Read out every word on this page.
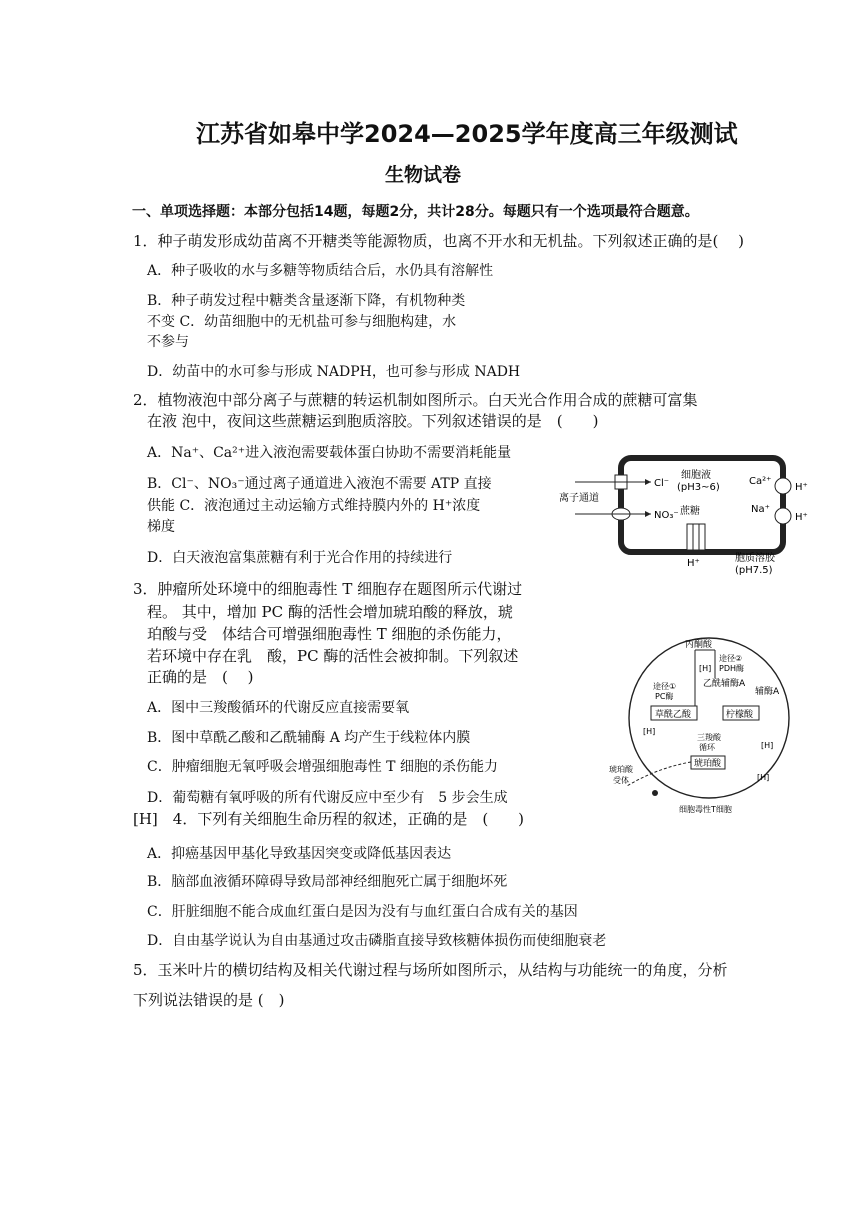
江苏省如皋中学2024—2025学年度高三年级测试
生物试卷
一、单项选择题：本部分包括14题，每题2分，共计28分。每题只有一个选项最符合题意。
1．种子萌发形成幼苗离不开糖类等能源物质，也离不开水和无机盐。下列叙述正确的是(　 )
A．种子吸收的水与多糖等物质结合后，水仍具有溶解性
B．种子萌发过程中糖类含量逐渐下降，有机物种类
不变 C．幼苗细胞中的无机盐可参与细胞构建，水
不参与
D．幼苗中的水可参与形成 NADPH，也可参与形成 NADH
2．植物液泡中部分离子与蔗糖的转运机制如图所示。白天光合作用合成的蔗糖可富集
在液 泡中，夜间这些蔗糖运到胞质溶胶。下列叙述错误的是　(　　)
A．Na⁺、Ca²⁺进入液泡需要载体蛋白协助不需要消耗能量
B．Cl⁻、NO₃⁻通过离子通道进入液泡不需要 ATP 直接
供能 C．液泡通过主动运输方式维持膜内外的 H⁺浓度
梯度
D．白天液泡富集蔗糖有利于光合作用的持续进行
细胞液
(pH3~6)
Cl⁻
离子通道
NO₃⁻ 蔗糖
H⁺
Ca²⁺
H⁺
Na⁺
H⁺
胞质溶胶
(pH7.5)
3．肿瘤所处环境中的细胞毒性 T 细胞存在题图所示代谢过
程。 其中，增加 PC 酶的活性会增加琥珀酸的释放，琥
珀酸与受　体结合可增强细胞毒性 T 细胞的杀伤能力，
若环境中存在乳　酸，PC 酶的活性会被抑制。下列叙述
正确的是　(　 )
A．图中三羧酸循环的代谢反应直接需要氧
B．图中草酰乙酸和乙酰辅酶 A 均产生于线粒体内膜
C．肿瘤细胞无氧呼吸会增强细胞毒性 T 细胞的杀伤能力
D．葡萄糖有氧呼吸的所有代谢反应中至少有　5 步会生成
丙酮酸
途径②
[H] PDH酶
途径①
PC酶
乙酰辅酶A
辅酶A
草酰乙酸	柠檬酸
[H]
三羧酸
循环	[H]
琥珀酸
[H]
琥珀酸
受体
细胞毒性T细胞
[H]　4．下列有关细胞生命历程的叙述，正确的是　(　　)
A．抑癌基因甲基化导致基因突变或降低基因表达
B．脑部血液循环障碍导致局部神经细胞死亡属于细胞坏死
C．肝脏细胞不能合成血红蛋白是因为没有与血红蛋白合成有关的基因
D．自由基学说认为自由基通过攻击磷脂直接导致核糖体损伤而使细胞衰老
5．玉米叶片的横切结构及相关代谢过程与场所如图所示，从结构与功能统一的角度，分析
下列说法错误的是 (　)
